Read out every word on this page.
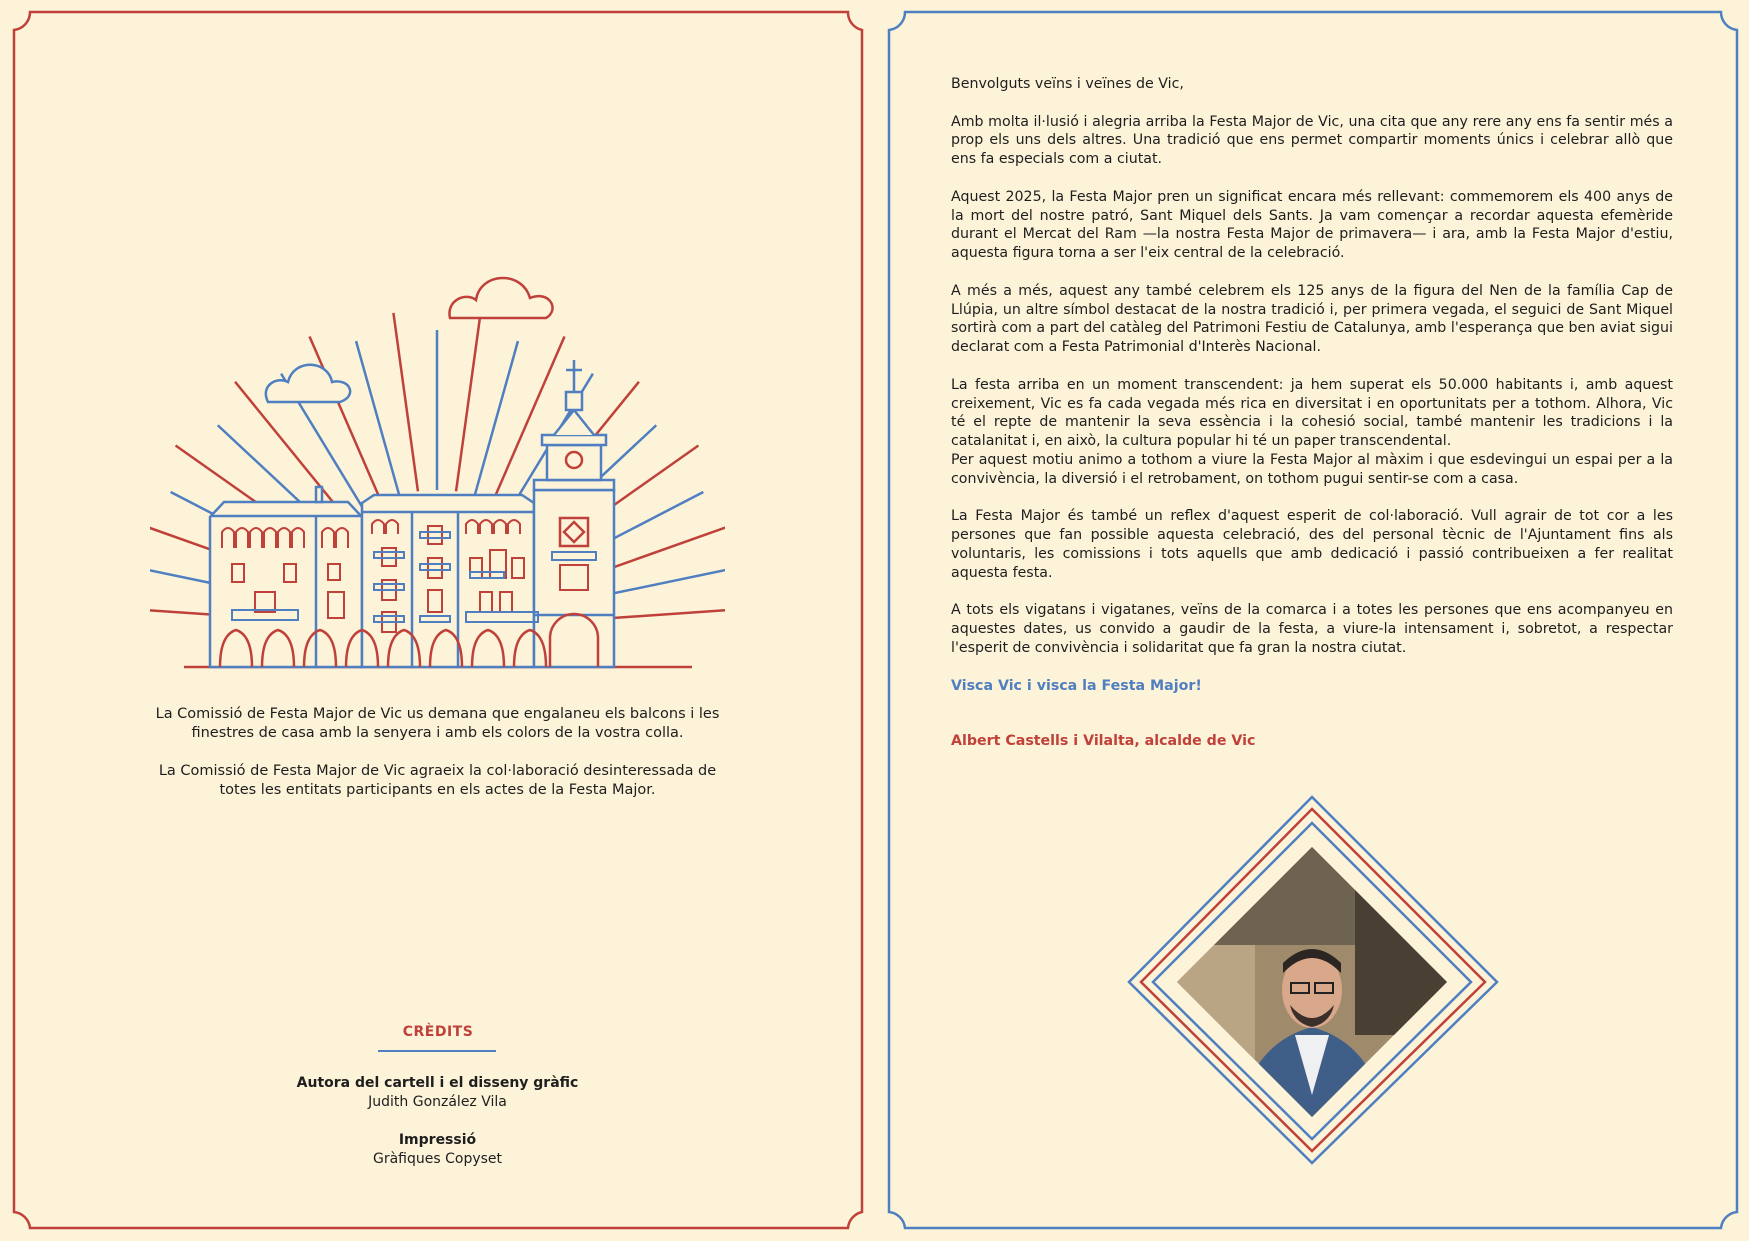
La Comissió de Festa Major de Vic us demana que engalaneu els balcons i les finestres de casa amb la senyera i amb els colors de la vostra colla.
La Comissió de Festa Major de Vic agraeix la col·laboració desinteressada de totes les entitats participants en els actes de la Festa Major.
CRÈDITS
Autora del cartell i el disseny gràfic
Judith González Vila
Impressió
Gràfiques Copyset

Benvolguts veïns i veïnes de Vic,

Amb molta il·lusió i alegria arriba la Festa Major de Vic, una cita que any rere any ens fa sentir més a prop els uns dels altres. Una tradició que ens permet compartir moments únics i celebrar allò que ens fa especials com a ciutat.

Aquest 2025, la Festa Major pren un significat encara més rellevant: commemorem els 400 anys de la mort del nostre patró, Sant Miquel dels Sants. Ja vam començar a recordar aquesta efemèride durant el Mercat del Ram —la nostra Festa Major de primavera— i ara, amb la Festa Major d'estiu, aquesta figura torna a ser l'eix central de la celebració.

A més a més, aquest any també celebrem els 125 anys de la figura del Nen de la família Cap de Llúpia, un altre símbol destacat de la nostra tradició i, per primera vegada, el seguici de Sant Miquel sortirà com a part del catàleg del Patrimoni Festiu de Catalunya, amb l'esperança que ben aviat sigui declarat com a Festa Patrimonial d'Interès Nacional.

La festa arriba en un moment transcendent: ja hem superat els 50.000 habitants i, amb aquest creixement, Vic es fa cada vegada més rica en diversitat i en oportunitats per a tothom. Alhora, Vic té el repte de mantenir la seva essència i la cohesió social, també mantenir les tradicions i la catalanitat i, en això, la cultura popular hi té un paper transcendental.

Per aquest motiu animo a tothom a viure la Festa Major al màxim i que esdevingui un espai per a la convivència, la diversió i el retrobament, on tothom pugui sentir-se com a casa.

La Festa Major és també un reflex d'aquest esperit de col·laboració. Vull agrair de tot cor a les persones que fan possible aquesta celebració, des del personal tècnic de l'Ajuntament fins als voluntaris, les comissions i tots aquells que amb dedicació i passió contribueixen a fer realitat aquesta festa.

A tots els vigatans i vigatanes, veïns de la comarca i a totes les persones que ens acompanyeu en aquestes dates, us convido a gaudir de la festa, a viure-la intensament i, sobretot, a respectar l'esperit de convivència i solidaritat que fa gran la nostra ciutat.

Visca Vic i visca la Festa Major!

Albert Castells i Vilalta, alcalde de Vic
